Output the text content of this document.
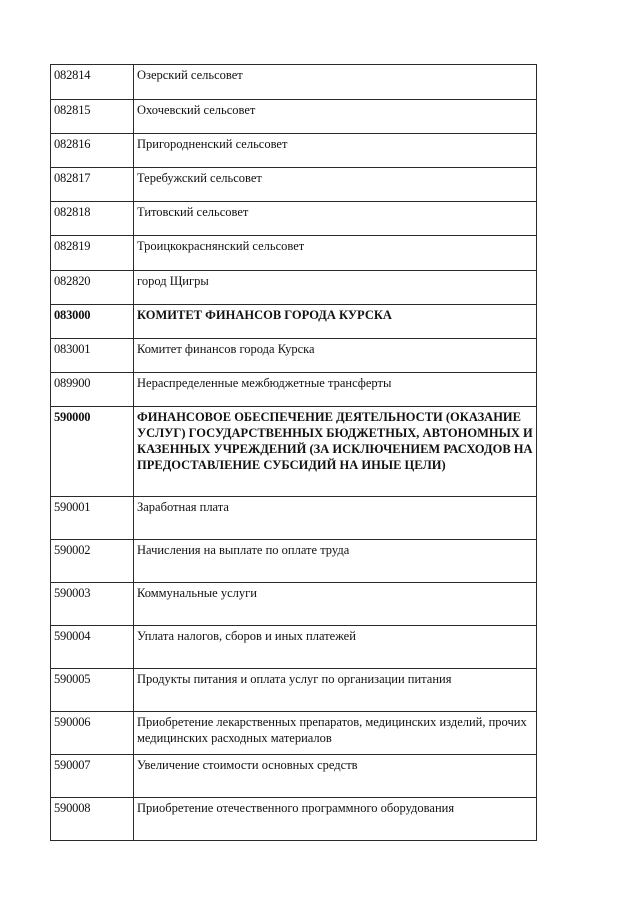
082814	Озерский сельсовет
082815	Охочевский сельсовет
082816	Пригородненский сельсовет
082817	Теребужский сельсовет
082818	Титовский сельсовет
082819	Троицкокраснянский сельсовет
082820	город Щигры
083000	КОМИТЕТ ФИНАНСОВ ГОРОДА КУРСКА
083001	Комитет финансов города Курска
089900	Нераспределенные межбюджетные трансферты
590000	ФИНАНСОВОЕ ОБЕСПЕЧЕНИЕ ДЕЯТЕЛЬНОСТИ (ОКАЗАНИЕ УСЛУГ) ГОСУДАРСТВЕННЫХ БЮДЖЕТНЫХ, АВТОНОМНЫХ И КАЗЕННЫХ УЧРЕЖДЕНИЙ (ЗА ИСКЛЮЧЕНИЕМ РАСХОДОВ НА ПРЕДОСТАВЛЕНИЕ СУБСИДИЙ НА ИНЫЕ ЦЕЛИ)
590001	Заработная плата
590002	Начисления на выплате по оплате труда
590003	Коммунальные услуги
590004	Уплата налогов, сборов и иных платежей
590005	Продукты питания и оплата услуг по организации питания
590006	Приобретение лекарственных препаратов, медицинских изделий, прочих медицинских расходных материалов
590007	Увеличение стоимости основных средств
590008	Приобретение отечественного программного оборудования
